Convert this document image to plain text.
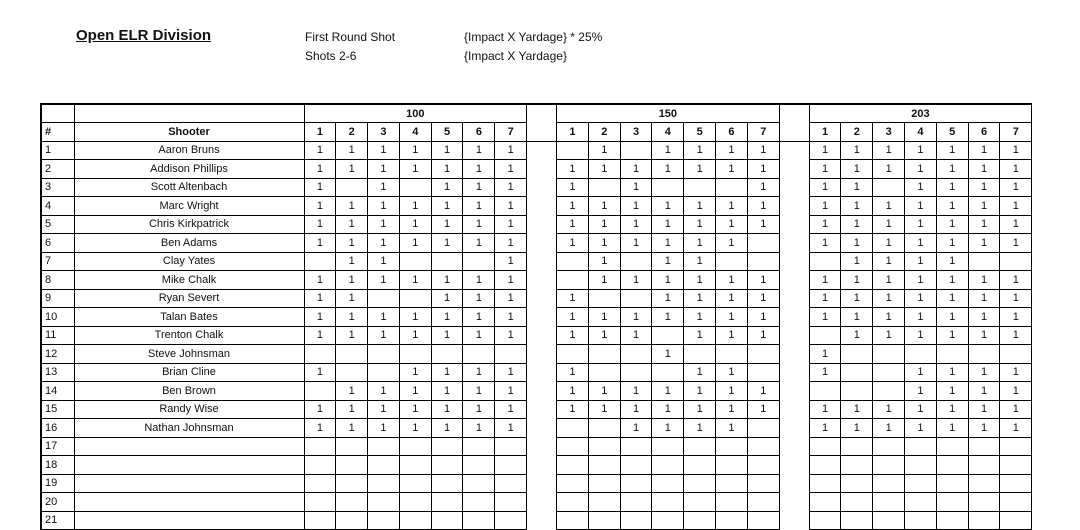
Open ELR Division	First Round Shot
Shots 2-6
{Impact X Yardage} * 25%
{Impact X Yardage}
		100								150								203						
#	Shooter	1	2	3	4	5	6	7		1	2	3	4	5	6	7		1	2	3	4	5	6	7
1	Aaron Bruns	1	1	1	1	1	1	1			1		1	1	1	1		1	1	1	1	1	1	1
2	Addison Phillips	1	1	1	1	1	1	1		1	1	1	1	1	1	1		1	1	1	1	1	1	1
3	Scott Altenbach	1		1		1	1	1		1		1				1		1	1		1	1	1	1
4	Marc Wright	1	1	1	1	1	1	1		1	1	1	1	1	1	1		1	1	1	1	1	1	1
5	Chris Kirkpatrick	1	1	1	1	1	1	1		1	1	1	1	1	1	1		1	1	1	1	1	1	1
6	Ben Adams	1	1	1	1	1	1	1		1	1	1	1	1	1			1	1	1	1	1	1	1
7	Clay Yates		1	1				1			1		1	1					1	1	1	1		
8	Mike Chalk	1	1	1	1	1	1	1			1	1	1	1	1	1		1	1	1	1	1	1	1
9	Ryan Severt	1	1			1	1	1		1			1	1	1	1		1	1	1	1	1	1	1
10	Talan Bates	1	1	1	1	1	1	1		1	1	1	1	1	1	1		1	1	1	1	1	1	1
11	Trenton Chalk	1	1	1	1	1	1	1		1	1	1		1	1	1			1	1	1	1	1	1
12	Steve Johnsman												1					1						
13	Brian Cline	1			1	1	1	1		1				1	1			1			1	1	1	1
14	Ben Brown		1	1	1	1	1	1		1	1	1	1	1	1	1					1	1	1	1
15	Randy Wise	1	1	1	1	1	1	1		1	1	1	1	1	1	1		1	1	1	1	1	1	1
16	Nathan Johnsman	1	1	1	1	1	1	1				1	1	1	1			1	1	1	1	1	1	1
17																								
18																								
19																								
20																								
21																								
